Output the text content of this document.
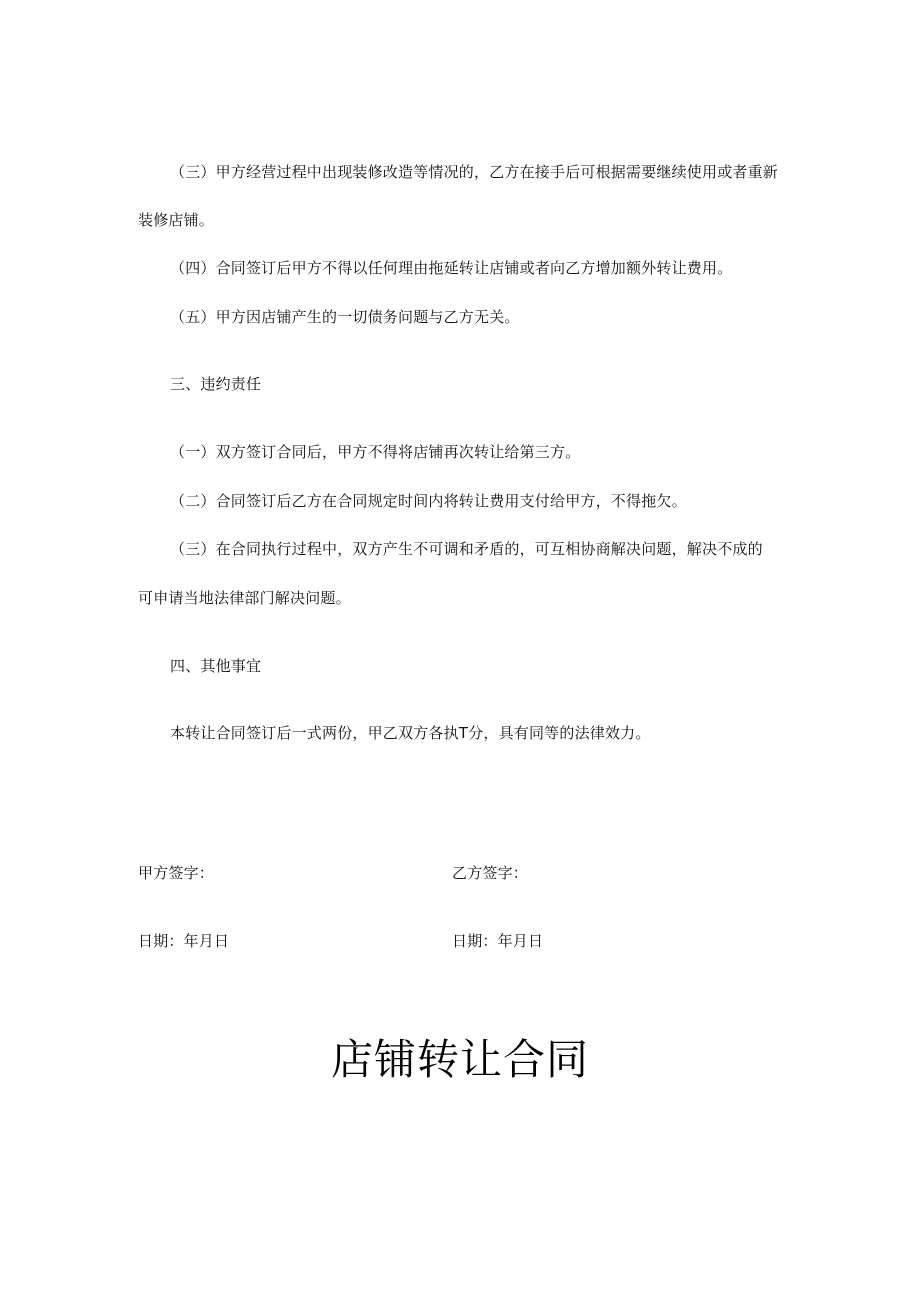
（三）甲方经营过程中出现装修改造等情况的，乙方在接手后可根据需要继续使用或者重新
装修店铺。
（四）合同签订后甲方不得以任何理由拖延转让店铺或者向乙方增加额外转让费用。
（五）甲方因店铺产生的一切债务问题与乙方无关。
三、违约责任
（一）双方签订合同后，甲方不得将店铺再次转让给第三方。
（二）合同签订后乙方在合同规定时间内将转让费用支付给甲方，不得拖欠。
（三）在合同执行过程中，双方产生不可调和矛盾的，可互相协商解决问题，解决不成的
可申请当地法律部门解决问题。
四、其他事宜
本转让合同签订后一式两份，甲乙双方各执T分，具有同等的法律效力。
甲方签字：	乙方签字：
日期：年月日	日期：年月日
店铺转让合同
